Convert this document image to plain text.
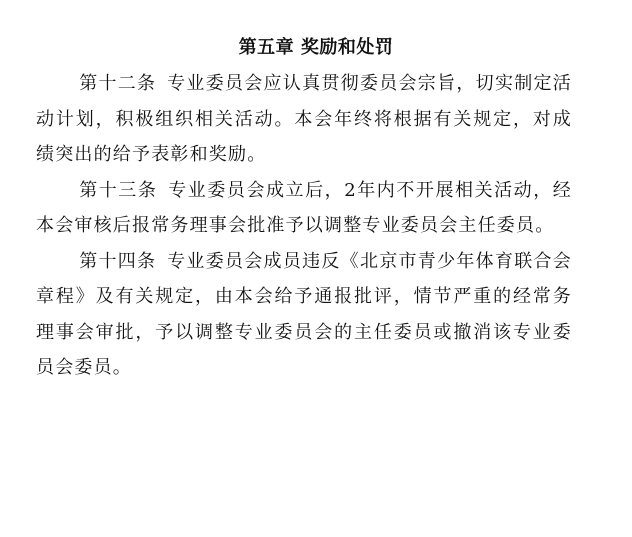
第五章 奖励和处罚

第十二条 专业委员会应认真贯彻委员会宗旨，切实制定活动计划，积极组织相关活动。本会年终将根据有关规定，对成绩突出的给予表彰和奖励。

第十三条 专业委员会成立后，2年内不开展相关活动，经本会审核后报常务理事会批准予以调整专业委员会主任委员。

第十四条 专业委员会成员违反《北京市青少年体育联合会章程》及有关规定，由本会给予通报批评，情节严重的经常务理事会审批，予以调整专业委员会的主任委员或撤消该专业委员会委员。
